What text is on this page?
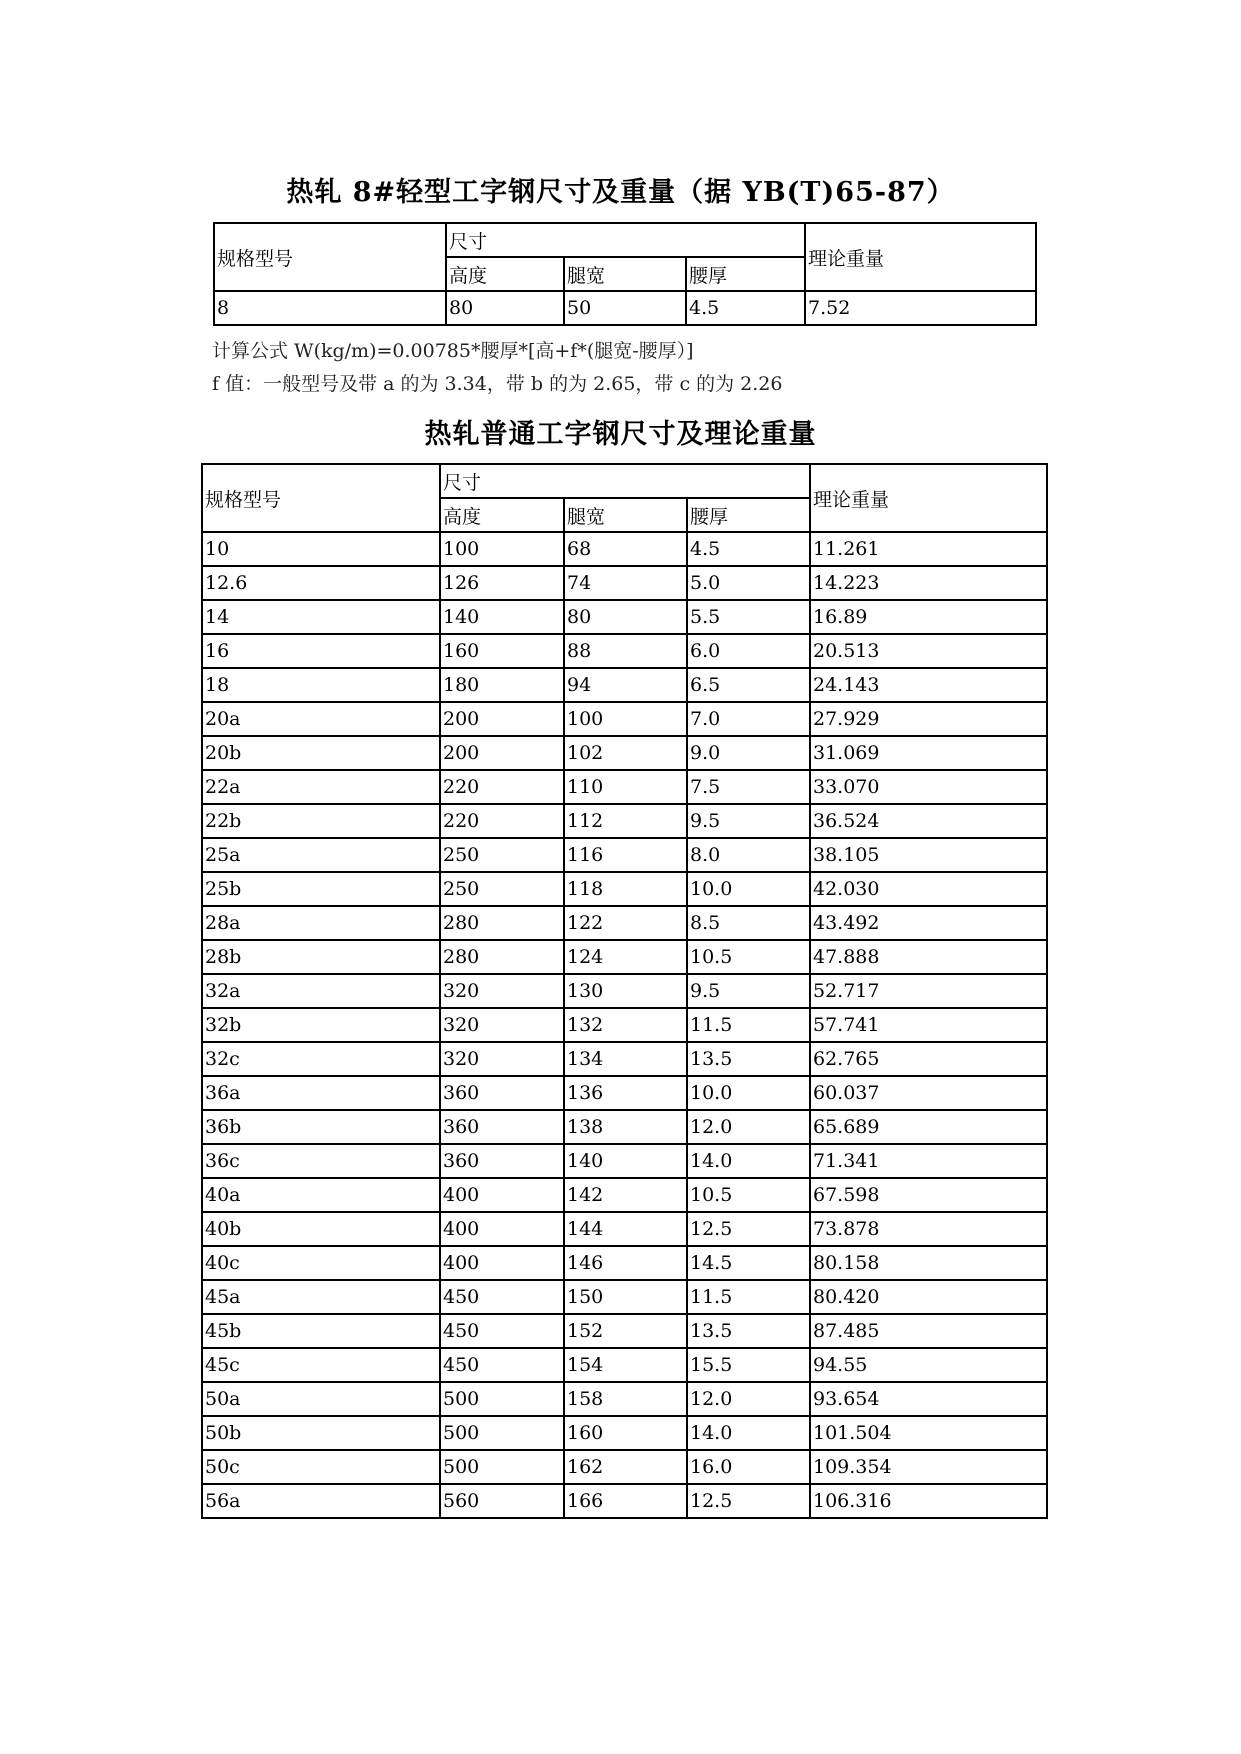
热轧 8#轻型工字钢尺寸及重量（据 YB(T)65-87）
规格型号	尺寸			理论重量
	高度	腿宽	腰厚	
8	80	50	4.5	7.52

计算公式 W(kg/m)=0.00785*腰厚*[高+f*(腿宽-腰厚）]

f 值：一般型号及带 a 的为 3.34，带 b 的为 2.65，带 c 的为 2.26

热轧普通工字钢尺寸及理论重量
规格型号	尺寸			理论重量
	高度	腿宽	腰厚	
10	100	68	4.5	11.261
12.6	126	74	5.0	14.223
14	140	80	5.5	16.89
16	160	88	6.0	20.513
18	180	94	6.5	24.143
20a	200	100	7.0	27.929
20b	200	102	9.0	31.069
22a	220	110	7.5	33.070
22b	220	112	9.5	36.524
25a	250	116	8.0	38.105
25b	250	118	10.0	42.030
28a	280	122	8.5	43.492
28b	280	124	10.5	47.888
32a	320	130	9.5	52.717
32b	320	132	11.5	57.741
32c	320	134	13.5	62.765
36a	360	136	10.0	60.037
36b	360	138	12.0	65.689
36c	360	140	14.0	71.341
40a	400	142	10.5	67.598
40b	400	144	12.5	73.878
40c	400	146	14.5	80.158
45a	450	150	11.5	80.420
45b	450	152	13.5	87.485
45c	450	154	15.5	94.55
50a	500	158	12.0	93.654
50b	500	160	14.0	101.504
50c	500	162	16.0	109.354
56a	560	166	12.5	106.316
